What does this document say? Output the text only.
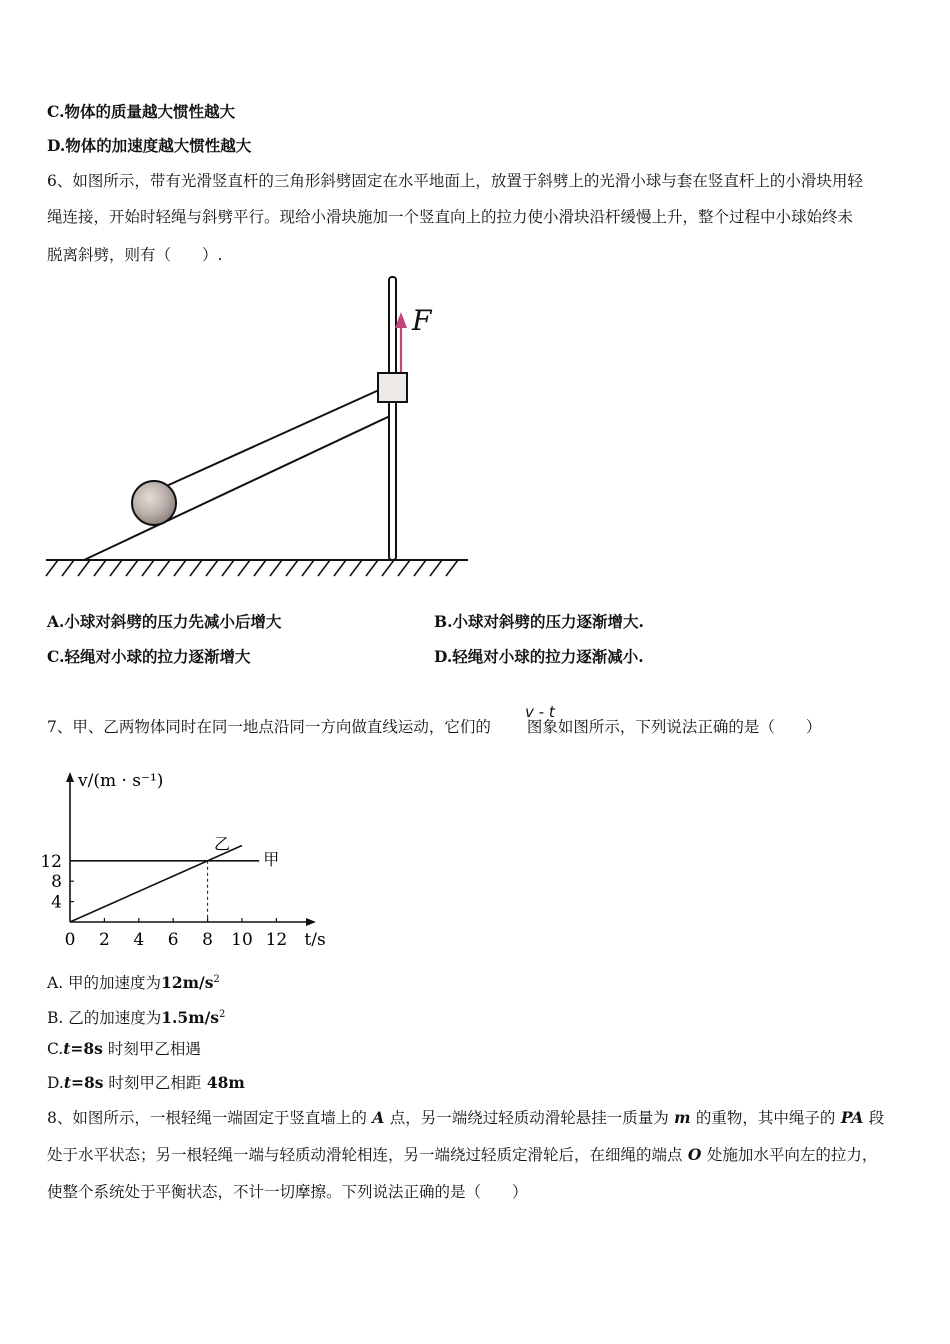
C.物体的质量越大惯性越大
D.物体的加速度越大惯性越大
6、如图所示，带有光滑竖直杆的三角形斜劈固定在水平地面上，放置于斜劈上的光滑小球与套在竖直杆上的小滑块用轻
绳连接，开始时轻绳与斜劈平行。现给小滑块施加一个竖直向上的拉力使小滑块沿杆缓慢上升，整个过程中小球始终未
脱离斜劈，则有（　　）.
F
A.小球对斜劈的压力先减小后增大	B.小球对斜劈的压力逐渐增大.
C.轻绳对小球的拉力逐渐增大	D.轻绳对小球的拉力逐渐减小.
7、甲、乙两物体同时在同一地点沿同一方向做直线运动，它们的 图象如图所示，下列说法正确的是（　　）
v - t
0 2 4 6 8 10 12 t/s
4
8
12
v/(m · s⁻¹)
甲
乙
A. 甲的加速度为$12m/s^2$
B. 乙的加速度为$1.5m/s^2$
C.t=8s 时刻甲乙相遇
D.t=8s 时刻甲乙相距 48m
8、如图所示，一根轻绳一端固定于竖直墙上的 A 点，另一端绕过轻质动滑轮悬挂一质量为 m 的重物，其中绳子的 PA 段
处于水平状态；另一根轻绳一端与轻质动滑轮相连，另一端绕过轻质定滑轮后，在细绳的端点 O 处施加水平向左的拉力，
使整个系统处于平衡状态，不计一切摩擦。下列说法正确的是（　　）
